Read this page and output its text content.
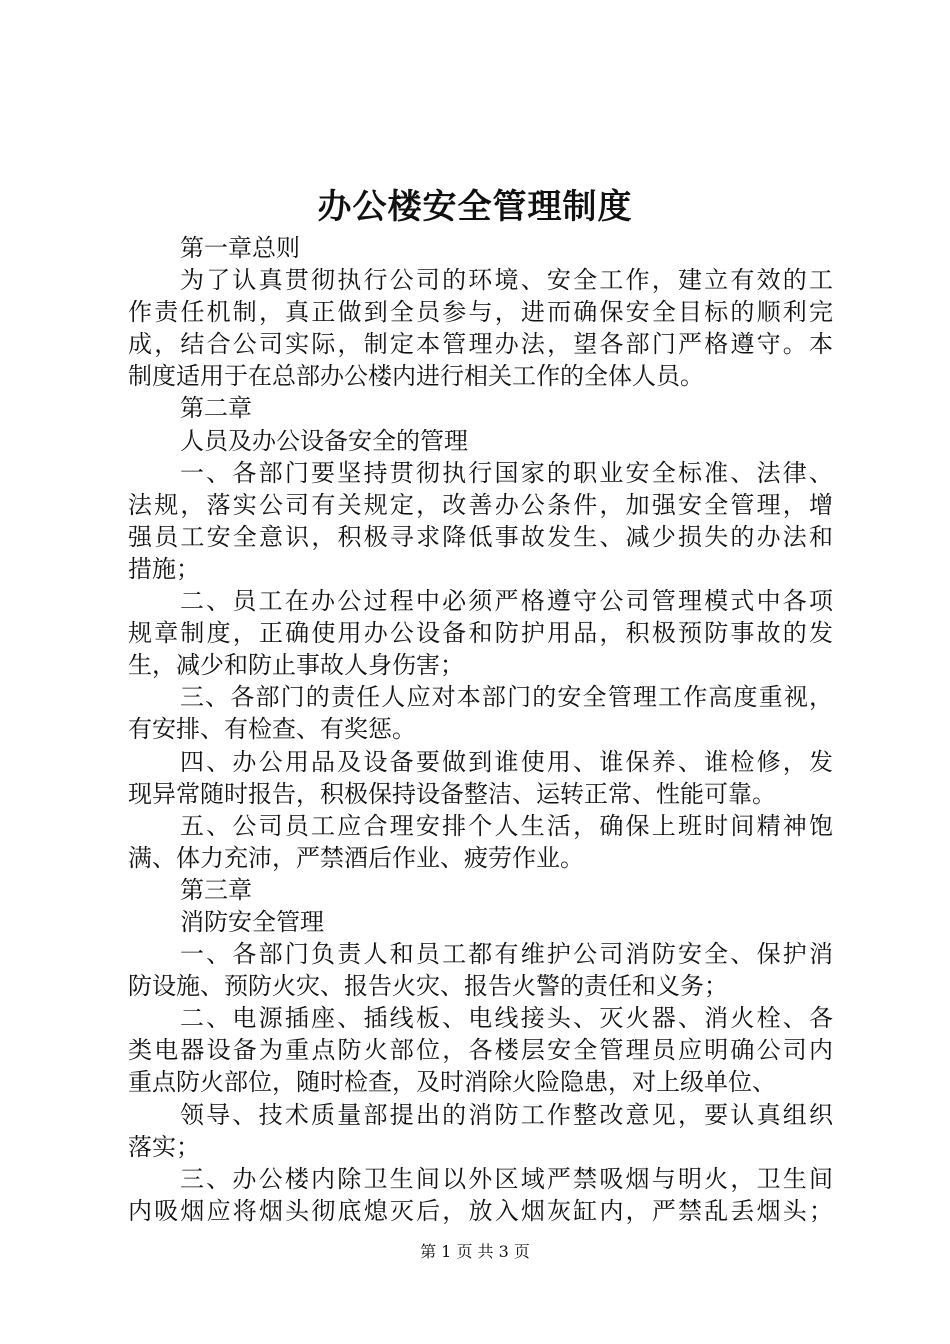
办公楼安全管理制度
第一章总则
为了认真贯彻执行公司的环境、安全工作，建立有效的工
作责任机制，真正做到全员参与，进而确保安全目标的顺利完
成，结合公司实际，制定本管理办法，望各部门严格遵守。本
制度适用于在总部办公楼内进行相关工作的全体人员。
第二章
人员及办公设备安全的管理
一、各部门要坚持贯彻执行国家的职业安全标准、法律、
法规，落实公司有关规定，改善办公条件，加强安全管理，增
强员工安全意识，积极寻求降低事故发生、减少损失的办法和
措施；
二、员工在办公过程中必须严格遵守公司管理模式中各项
规章制度，正确使用办公设备和防护用品，积极预防事故的发
生，减少和防止事故人身伤害；
三、各部门的责任人应对本部门的安全管理工作高度重视，
有安排、有检查、有奖惩。
四、办公用品及设备要做到谁使用、谁保养、谁检修，发
现异常随时报告，积极保持设备整洁、运转正常、性能可靠。
五、公司员工应合理安排个人生活，确保上班时间精神饱
满、体力充沛，严禁酒后作业、疲劳作业。
第三章
消防安全管理
一、各部门负责人和员工都有维护公司消防安全、保护消
防设施、预防火灾、报告火灾、报告火警的责任和义务；
二、电源插座、插线板、电线接头、灭火器、消火栓、各
类电器设备为重点防火部位，各楼层安全管理员应明确公司内
重点防火部位，随时检查，及时消除火险隐患，对上级单位、
领导、技术质量部提出的消防工作整改意见，要认真组织
落实；
三、办公楼内除卫生间以外区域严禁吸烟与明火，卫生间
内吸烟应将烟头彻底熄灭后，放入烟灰缸内，严禁乱丢烟头；
第 1 页 共 3 页
